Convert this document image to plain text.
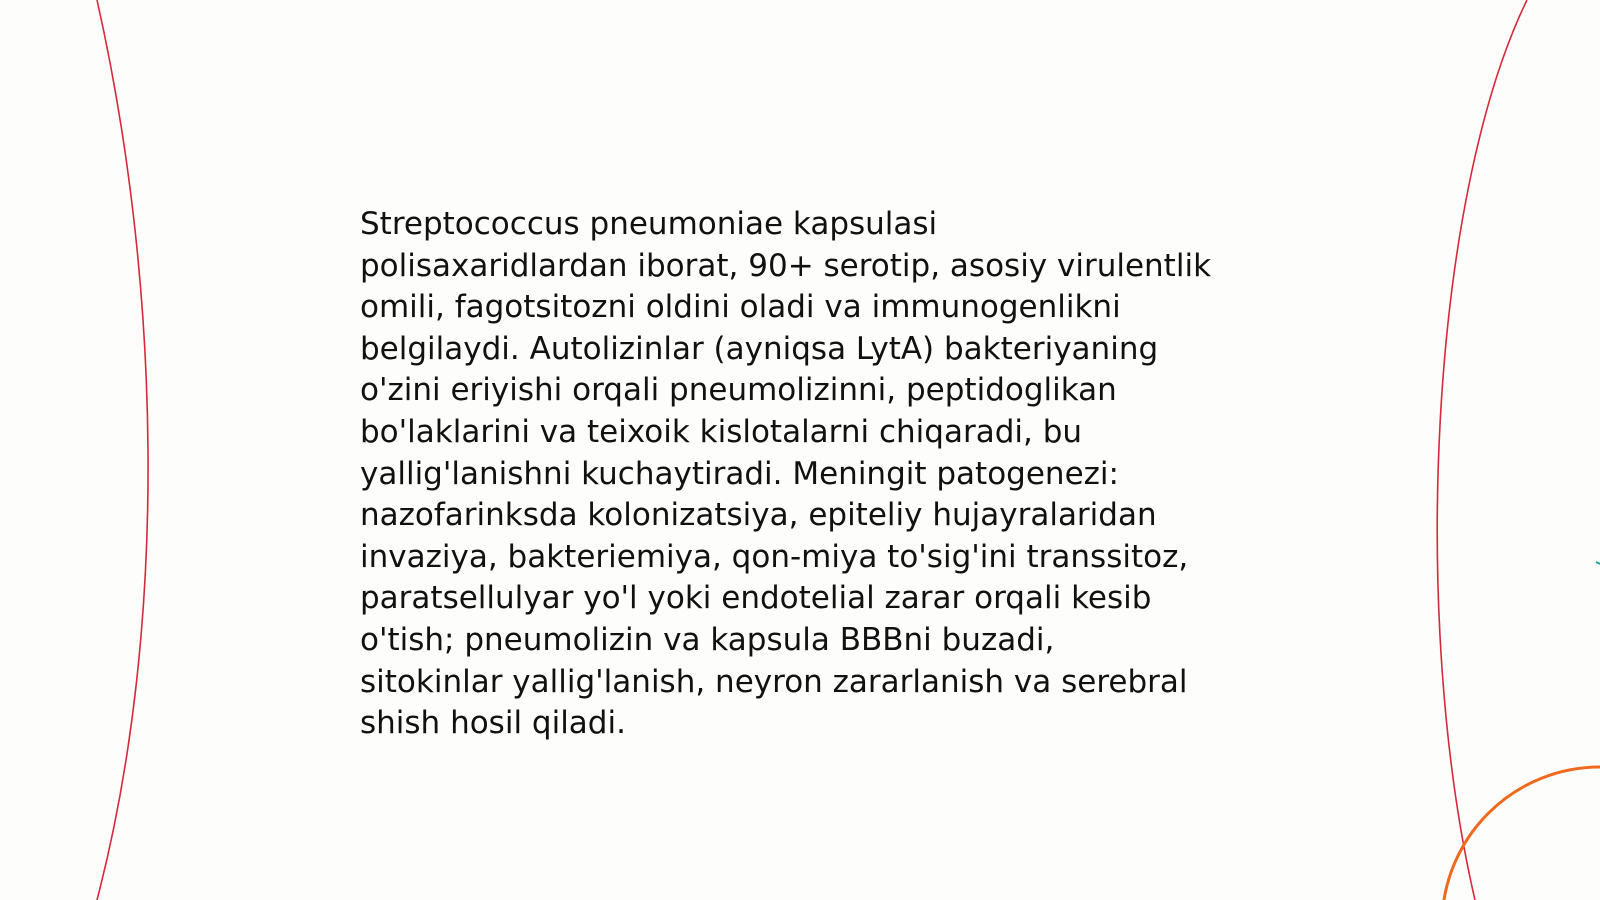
Streptococcus pneumoniae kapsulasi
polisaxaridlardan iborat, 90+ serotip, asosiy virulentlik
omili, fagotsitozni oldini oladi va immunogenlikni
belgilaydi. Autolizinlar (ayniqsa LytA) bakteriyaning
o'zini eriyishi orqali pneumolizinni, peptidoglikan
bo'laklarini va teixoik kislotalarni chiqaradi, bu
yallig'lanishni kuchaytiradi. Meningit patogenezi:
nazofarinksda kolonizatsiya, epiteliy hujayralaridan
invaziya, bakteriemiya, qon-miya to'sig'ini transsitoz,
paratsellulyar yo'l yoki endotelial zarar orqali kesib
o'tish; pneumolizin va kapsula BBBni buzadi,
sitokinlar yallig'lanish, neyron zararlanish va serebral
shish hosil qiladi.
